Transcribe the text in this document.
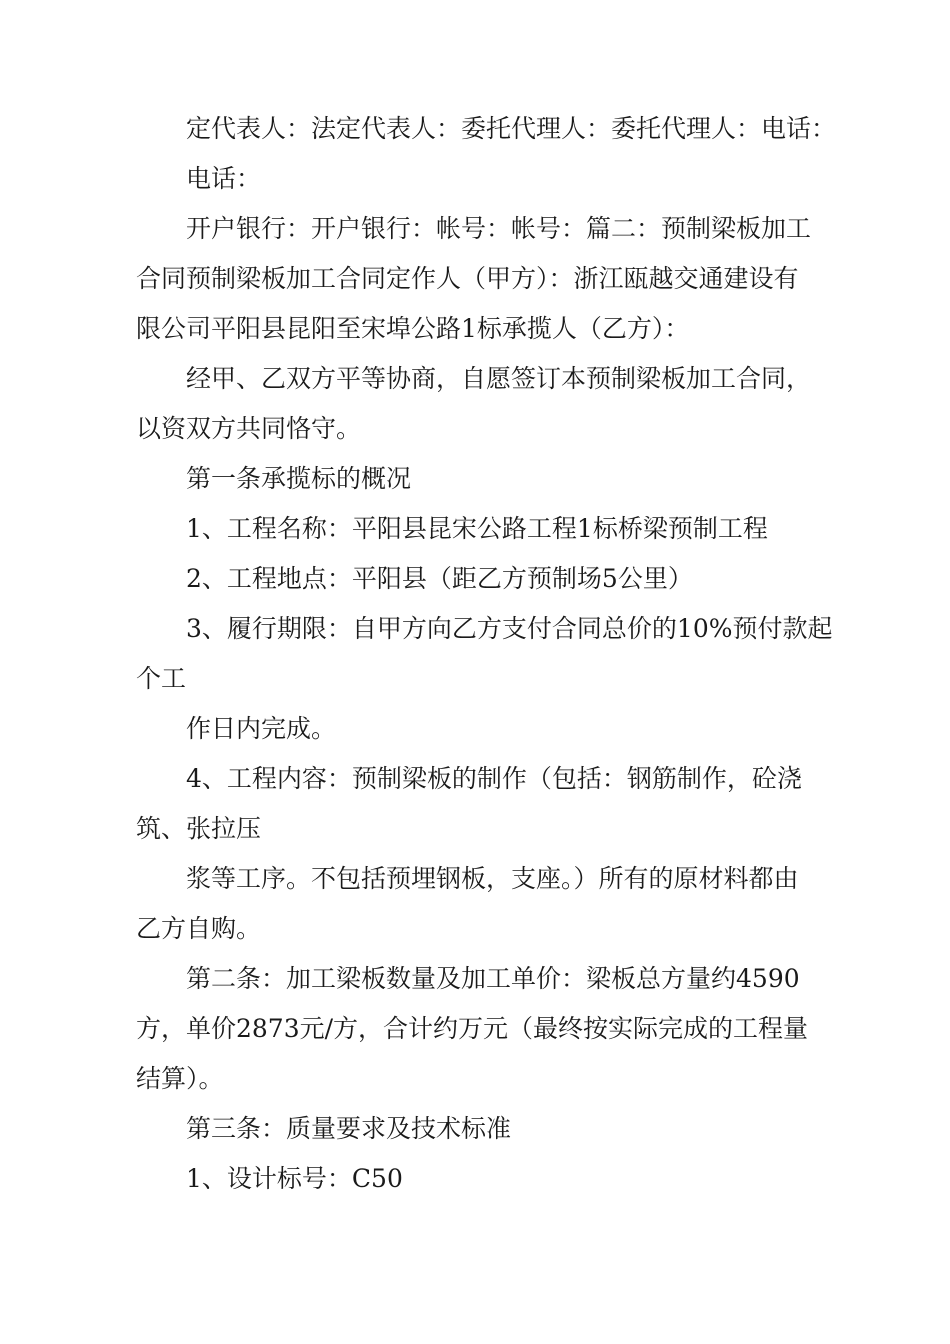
定代表人：法定代表人：委托代理人：委托代理人：电话：
电话：
开户银行：开户银行：帐号：帐号：篇二：预制梁板加工
合同预制梁板加工合同定作人（甲方）：浙江瓯越交通建设有
限公司平阳县昆阳至宋埠公路1标承揽人（乙方）：
经甲、乙双方平等协商，自愿签订本预制梁板加工合同，
以资双方共同恪守。
第一条承揽标的概况
1、工程名称：平阳县昆宋公路工程1标桥梁预制工程
2、工程地点：平阳县（距乙方预制场5公里）
3、履行期限：自甲方向乙方支付合同总价的10%预付款起
个工
作日内完成。
4、工程内容：预制梁板的制作（包括：钢筋制作，砼浇
筑、张拉压
浆等工序。不包括预埋钢板，支座。）所有的原材料都由
乙方自购。
第二条：加工梁板数量及加工单价：梁板总方量约4590
方，单价2873元/方，合计约万元（最终按实际完成的工程量
结算）。
第三条：质量要求及技术标准
1、设计标号：C50
